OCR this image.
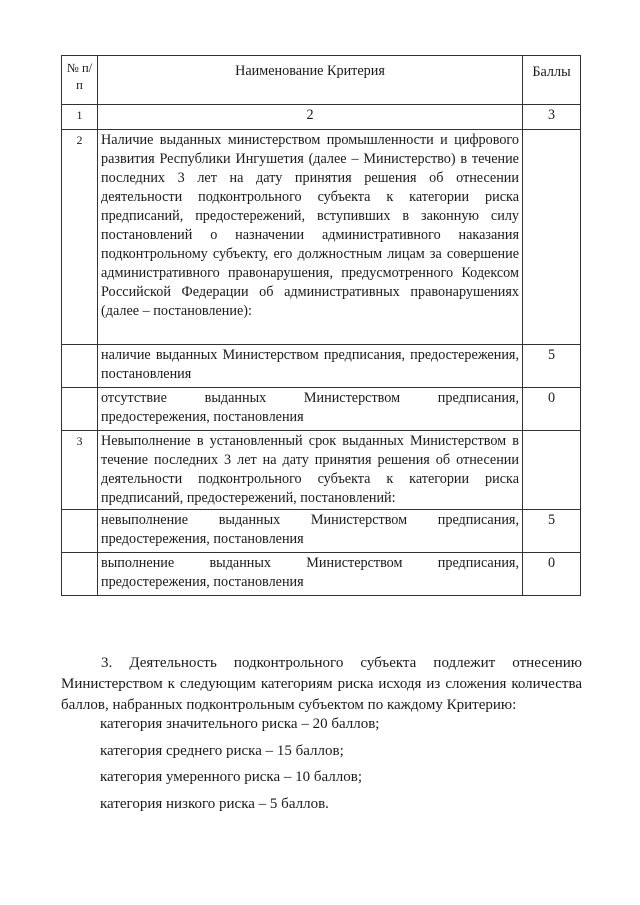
№ п/п	Наименование Критерия	Баллы
1	2	3
2	Наличие выданных министерством промышленности и цифрового развития Республики Ингушетия (далее – Министерство) в течение последних 3 лет на дату принятия решения об отнесении деятельности подконтрольного субъекта к категории риска предписаний, предостережений, вступивших в законную силу постановлений о назначении административного наказания подконтрольному субъекту, его должностным лицам за совершение административного правонарушения, предусмотренного Кодексом Российской Федерации об административных правонарушениях (далее – постановление):	
	наличие выданных Министерством предписания, предостережения, постановления	5
	отсутствие выданных Министерством предписания, предостережения, постановления	0
3	Невыполнение в установленный срок выданных Министерством в течение последних 3 лет на дату принятия решения об отнесении деятельности подконтрольного субъекта к категории риска предписаний, предостережений, постановлений:	
	невыполнение выданных Министерством предписания, предостережения, постановления	5
	выполнение выданных Министерством предписания, предостережения, постановления	0
3. Деятельность подконтрольного субъекта подлежит отнесению Министерством к следующим категориям риска исходя из сложения количества баллов, набранных подконтрольным субъектом по каждому Критерию:
категория значительного риска – 20 баллов;
категория среднего риска – 15 баллов;
категория умеренного риска – 10 баллов;
категория низкого риска – 5 баллов.
